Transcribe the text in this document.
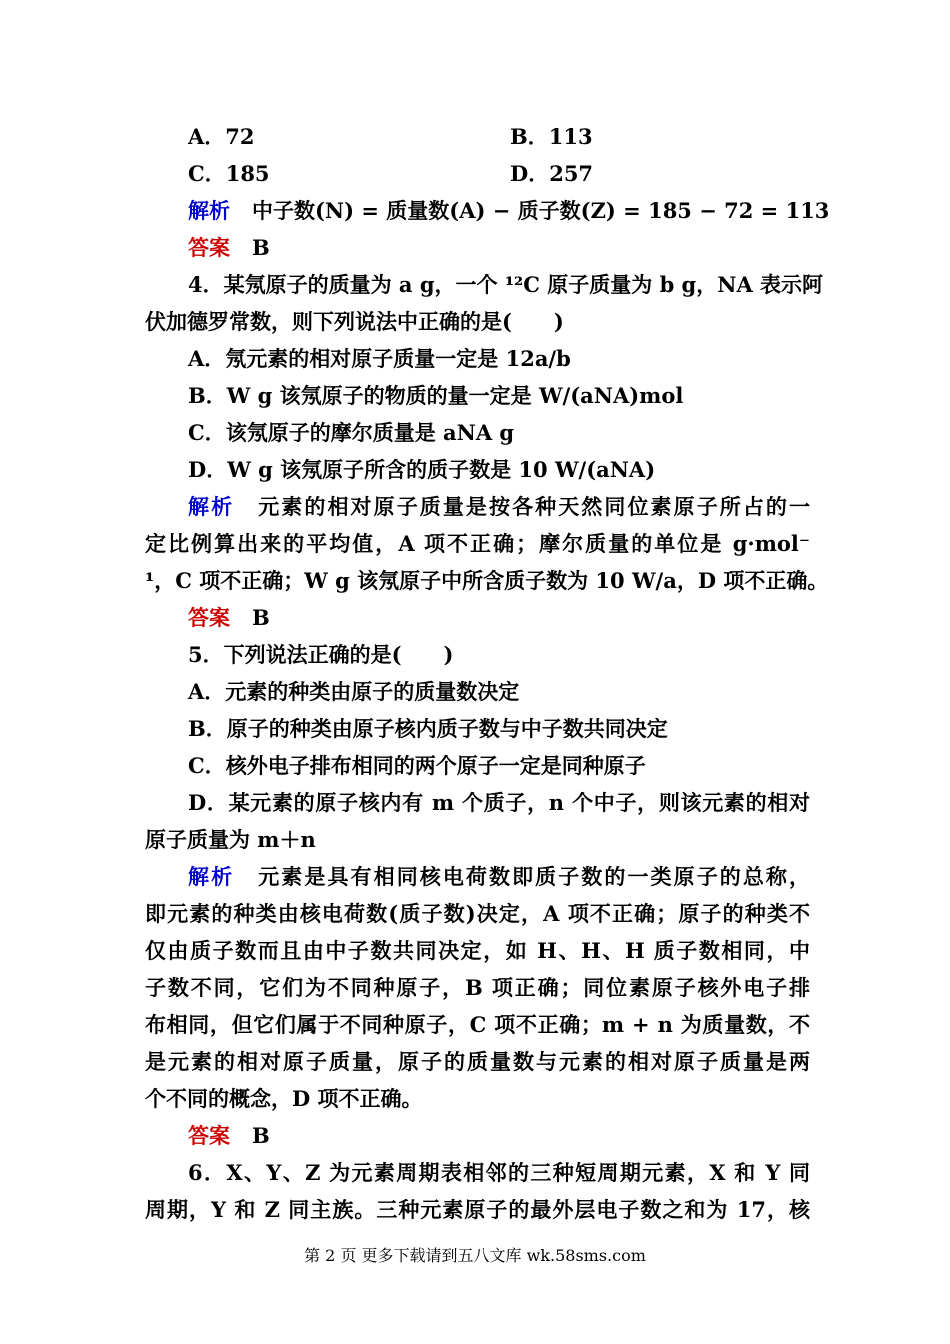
A．72	B．113
C．185	D．257
解析 中子数(N) = 质量数(A) − 质子数(Z) = 185 − 72 = 113
答案 B
4．某氖原子的质量为 a g，一个 ¹²C 原子质量为 b g，NA 表示阿
伏加德罗常数，则下列说法中正确的是(　　)
A．氖元素的相对原子质量一定是 12a/b
B．W g 该氖原子的物质的量一定是 W/(aNA)mol
C．该氖原子的摩尔质量是 aNA g
D．W g 该氖原子所含的质子数是 10 W/(aNA)
解析 元素的相对原子质量是按各种天然同位素原子所占的一
定比例算出来的平均值，A 项不正确；摩尔质量的单位是 g·mol⁻
¹，C 项不正确；W g 该氖原子中所含质子数为 10 W/a，D 项不正确。
答案 B
5．下列说法正确的是(　　)
A．元素的种类由原子的质量数决定
B．原子的种类由原子核内质子数与中子数共同决定
C．核外电子排布相同的两个原子一定是同种原子
D．某元素的原子核内有 m 个质子，n 个中子，则该元素的相对
原子质量为 m＋n
解析 元素是具有相同核电荷数即质子数的一类原子的总称，
即元素的种类由核电荷数(质子数)决定，A 项不正确；原子的种类不
仅由质子数而且由中子数共同决定，如 H、H、H 质子数相同，中
子数不同，它们为不同种原子，B 项正确；同位素原子核外电子排
布相同，但它们属于不同种原子，C 项不正确；m + n 为质量数，不
是元素的相对原子质量，原子的质量数与元素的相对原子质量是两
个不同的概念，D 项不正确。
答案 B
6．X、Y、Z 为元素周期表相邻的三种短周期元素，X 和 Y 同
周期，Y 和 Z 同主族。三种元素原子的最外层电子数之和为 17，核
第 2 页 更多下载请到五八文库 wk.58sms.com
